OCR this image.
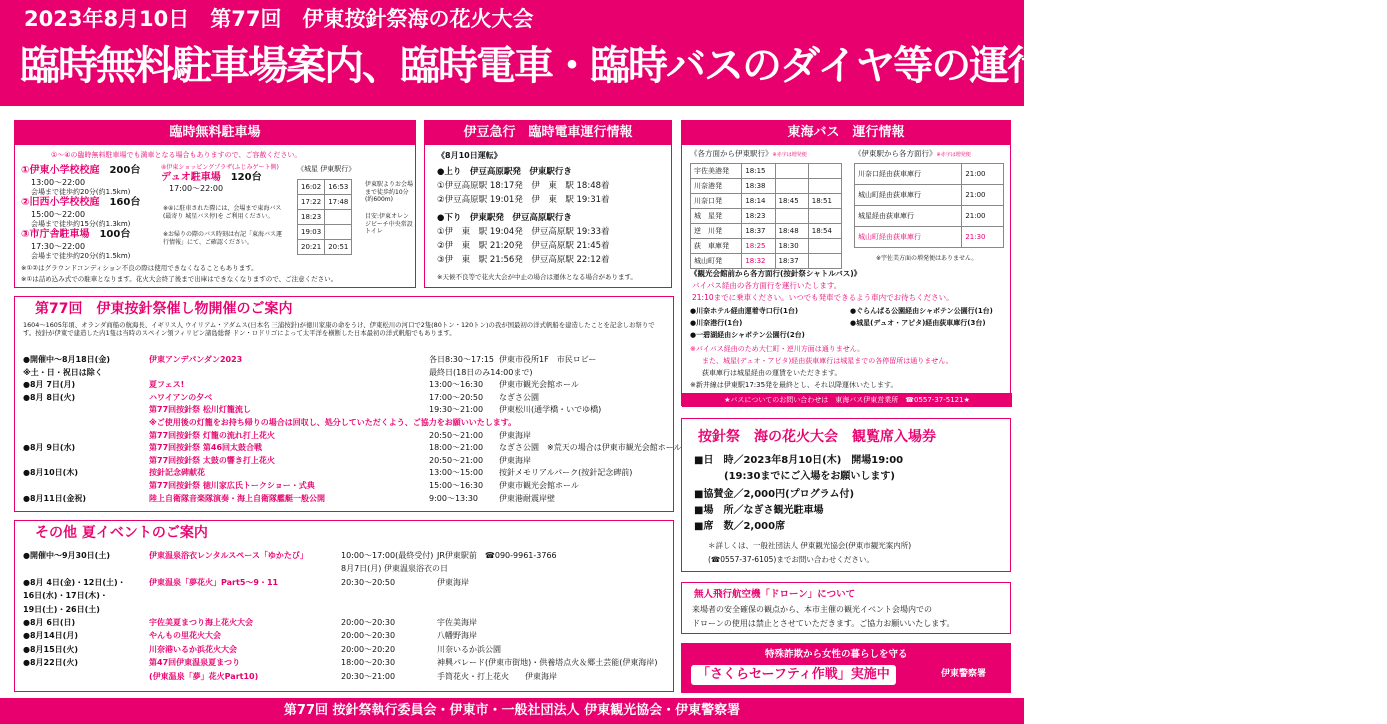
2023年8月10日　第77回　伊東按針祭海の花火大会
臨時無料駐車場案内、臨時電車・臨時バスのダイヤ等の運行情報、その他ご案内
臨時無料駐車場
①～④の臨時無料駐車場でも満車となる場合もありますので、ご容赦ください。
①伊東小学校校庭　 200台
13:00～22:00
会場まで徒歩約20分(約1.5km)
②旧西小学校校庭　 160台
15:00～22:00
会場まで徒歩約15分(約1.3km)
③市庁舎駐車場　 100台
17:30～22:00
会場まで徒歩約20分(約1.5km)
④伊東ショッピングプラザ(ふじみゲート側)
デュオ駐車場　 120台
17:00～22:00
※④に駐車された際には、会場まで東海バス(最寄り 城星バス停)を ご利用ください。
※お帰りの際のバス時刻は右記「東海バス運行情報」にて、ご確認ください。
《城星 伊東駅行》
16:02	16:53
17:22	17:48
18:23	
19:03	
20:21	20:51
伊東駅よりお会場まで徒歩約10分(約600m)
目安:伊東オレンジビーチ中央常設トイレ
※①②はグラウンドコンディション不良の際は使用できなくなることもあります。
※①は詰め込み式での駐車となります。花火大会終了後まで出庫はできなくなりますので、ご注意ください。
伊豆急行　臨時電車運行情報
《8月10日運転》
●上り　伊豆高原駅発　伊東駅行き
①伊豆高原駅 18:17発　伊　東　駅 18:48着
②伊豆高原駅 19:01発　伊　東　駅 19:31着
●下り　伊東駅発　伊豆高原駅行き
①伊　東　駅 19:04発　伊豆高原駅 19:33着
②伊　東　駅 21:20発　伊豆高原駅 21:45着
③伊　東　駅 21:56発　伊豆高原駅 22:12着
※天候不良等で花火大会が中止の場合は運休となる場合があります。
東海バス　運行情報
《各方面から伊東駅行》※赤字は増発便	《伊東駅から各方面行》※赤字は増発便
宇佐美港発	18:15		
川奈港発	18:38		
川奈口発	18:14	18:45	18:51
城　星発	18:23		
逆　川発	18:37	18:48	18:54
荻　車庫発	18:25	18:30	
城山町発	18:32	18:37	
川奈口経由荻車庫行	21:00
城山町経由荻車庫行	21:00
城星経由荻車庫行	21:00
城山町経由荻車庫行	21:30
※宇佐美方面の増発便はありません。
《観光会館前から各方面行(按針祭シャトルバス)》
バイパス経由の各方面行を運行いたします。
21:10までに乗車ください。いつでも発車できるよう車内でお待ちください。
●川奈ホテル経由運着寺口行(1台)	●ぐらんぱる公園経由シャボテン公園行(1台)
●川奈港行(1台)	●城星(デュオ・アピタ)経由荻車庫行(3台)
●一碧湖経由シャボテン公園行(2台)
※バイパス経由のため大仁町・逆川方面は通りません。
また、城星(デュオ・アピタ)経由荻車庫行は城星までの各停留所は通りません。
荻車庫行は城星経由の運賃をいただきます。
※新井線は伊東駅17:35発を最終とし、それ以降運休いたします。
★バスについてのお問い合わせは　東海バス伊東営業所　☎0557-37-5121★
按針祭　海の花火大会　観覧席入場券
■日　時／2023年8月10日(木)　開場19:00
(19:30までにご入場をお願いします)
■協賛金／2,000円(プログラム付)
■場　所／なぎさ観光駐車場
■席　数／2,000席
＊詳しくは、一般社団法人 伊東観光協会(伊東市観光案内所)
(☎0557-37-6105)までお問い合わせください。
無人飛行航空機「ドローン」について
来場者の安全確保の観点から、本市主催の観光イベント会場内での
ドローンの使用は禁止とさせていただきます。ご協力お願いいたします。
特殊詐欺から女性の暮らしを守る
「さくらセーフティ作戦」実施中	伊東警察署
第77回　伊東按針祭催し物開催のご案内
1604～1605年頃、オランダ商船の航海長、イギリス人 ウイリアム・アダムス(日本名 三浦按針)が徳川家康の命をうけ、伊東松川の河口で2隻(80トン・120トン)の我が国最初の洋式帆船を建造したことを記念しお祭りです。按針が伊東で建造した内1隻は当時のスペイン領フィリピン諸島総督 ドン・ロドリゴによって太平洋を横断した日本最初の洋式帆船でもあります。
●開催中～8月18日(金)	伊東アンデパンダン2023	各日8:30～17:15 伊東市役所1F　市民ロビー
※土・日・祝日は除く	最終日(18日のみ14:00まで)
●8月 7日(月)	夏フェス!	13:00～16:30 伊東市観光会館ホール
●8月 8日(火)	ハワイアンの夕べ	17:00～20:50 なぎさ公園
第77回按針祭 松川灯籠流し	19:30～21:00 伊東松川(通学橋・いでゆ橋)
※ご使用後の灯籠をお持ち帰りの場合は回収し、処分していただくよう、ご協力をお願いいたします。
第77回按針祭 灯籠の流れ打上花火	20:50～21:00 伊東海岸
●8月 9日(水)	第77回按針祭 第46回太鼓合戦	18:00～21:00 なぎさ公園　※荒天の場合は伊東市観光会館ホール
第77回按針祭 太鼓の響き打上花火	20:50～21:00 伊東海岸
●8月10日(木)	按針記念碑献花	13:00～15:00 按針メモリアルパーク(按針記念碑前)
第77回按針祭 徳川家広氏トークショー・式典	15:00～16:30 伊東市観光会館ホール
●8月11日(金祝)	陸上自衛隊音楽隊演奏・海上自衛隊艦艇一般公開	9:00～13:30	伊東港耐震岸壁
その他 夏イベントのご案内
●開催中～9月30日(土)	伊東温泉浴衣レンタルスペース「ゆかたび」	10:00～17:00(最終受付) JR伊東駅前　☎090-9961-3766
8月7日(月) 伊東温泉浴衣の日
●8月 4日(金)・12日(土)・	伊東温泉「夢花火」Part5～9・11	20:30～20:50	伊東海岸
16日(水)・17日(木)・
19日(土)・26日(土)
●8月 6日(日)	宇佐美夏まつり海上花火大会	20:00～20:30	宇佐美海岸
●8月14日(月)	やんもの里花火大会	20:00～20:30	八幡野海岸
●8月15日(火)	川奈港いるか浜花火大会	20:00～20:20	川奈いるか浜公園
●8月22日(火)	第47回伊東温泉夏まつり	18:00～20:30	神興パレード(伊東市街地)・供養塔点火＆郷土芸能(伊東海岸)
(伊東温泉「夢」花火Part10)	20:30～21:00	手筒花火・打上花火　　伊東海岸
第77回 按針祭執行委員会・伊東市・一般社団法人 伊東観光協会・伊東警察署
